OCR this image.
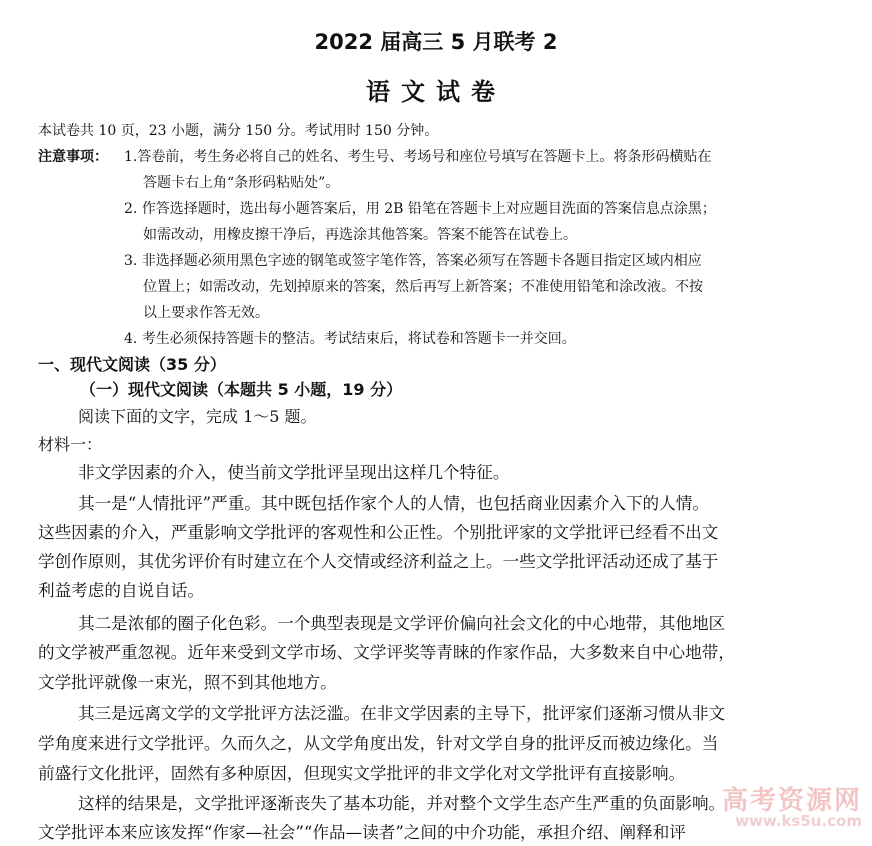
2022 届高三 5 月联考 2
语文试卷
本试卷共 10 页，23 小题，满分 150 分。考试用时 150 分钟。
注意事项： 1.答卷前，考生务必将自己的姓名、考生号、考场号和座位号填写在答题卡上。将条形码横贴在
答题卡右上角“条形码粘贴处”。
2. 作答选择题时，选出每小题答案后，用 2B 铅笔在答题卡上对应题目洗面的答案信息点涂黑；
如需改动，用橡皮擦干净后，再选涂其他答案。答案不能答在试卷上。
3. 非选择题必须用黑色字迹的钢笔或签字笔作答，答案必须写在答题卡各题目指定区域内相应
位置上；如需改动，先划掉原来的答案，然后再写上新答案；不准使用铅笔和涂改液。不按
以上要求作答无效。
4. 考生必须保持答题卡的整洁。考试结束后，将试卷和答题卡一并交回。
一、现代文阅读（35 分）
（一）现代文阅读（本题共 5 小题，19 分）
阅读下面的文字，完成 1～5 题。
材料一：
非文学因素的介入，使当前文学批评呈现出这样几个特征。
其一是“人情批评”严重。其中既包括作家个人的人情，也包括商业因素介入下的人情。
这些因素的介入，严重影响文学批评的客观性和公正性。个别批评家的文学批评已经看不出文
学创作原则，其优劣评价有时建立在个人交情或经济利益之上。一些文学批评活动还成了基于
利益考虑的自说自话。
其二是浓郁的圈子化色彩。一个典型表现是文学评价偏向社会文化的中心地带，其他地区
的文学被严重忽视。近年来受到文学市场、文学评奖等青睐的作家作品，大多数来自中心地带，
文学批评就像一束光，照不到其他地方。
其三是远离文学的文学批评方法泛滥。在非文学因素的主导下，批评家们逐渐习惯从非文
学角度来进行文学批评。久而久之，从文学角度出发，针对文学自身的批评反而被边缘化。当
前盛行文化批评，固然有多种原因，但现实文学批评的非文学化对文学批评有直接影响。
这样的结果是，文学批评逐渐丧失了基本功能，并对整个文学生态产生严重的负面影响。
文学批评本来应该发挥“作家—社会”“作品—读者”之间的中介功能，承担介绍、阐释和评
高考资源网
www.ks5u.com
